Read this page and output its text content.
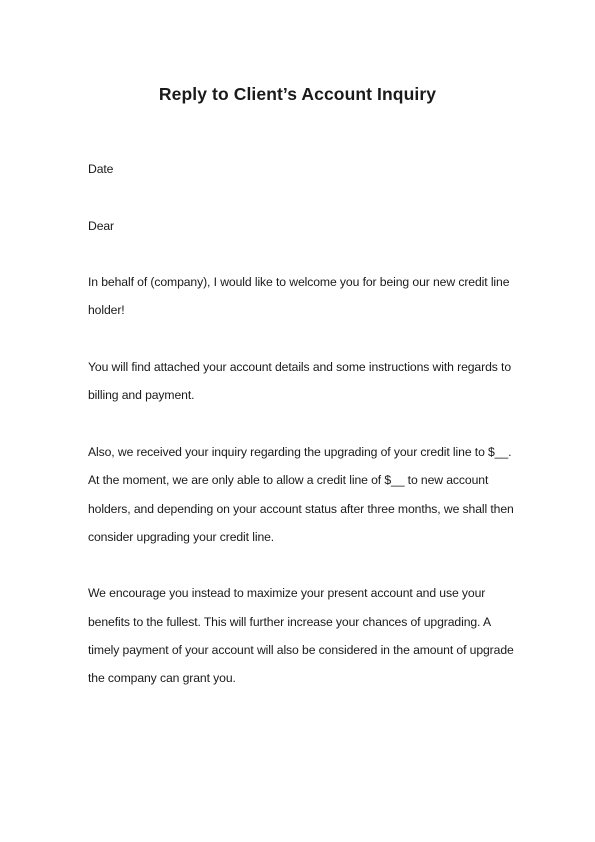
Reply to Client’s Account Inquiry

Date

Dear

In behalf of (company), I would like to welcome you for being our new credit line
holder!

You will find attached your account details and some instructions with regards to
billing and payment.

Also, we received your inquiry regarding the upgrading of your credit line to $__.
At the moment, we are only able to allow a credit line of $__ to new account
holders, and depending on your account status after three months, we shall then
consider upgrading your credit line.

We encourage you instead to maximize your present account and use your
benefits to the fullest. This will further increase your chances of upgrading. A
timely payment of your account will also be considered in the amount of upgrade
the company can grant you.
